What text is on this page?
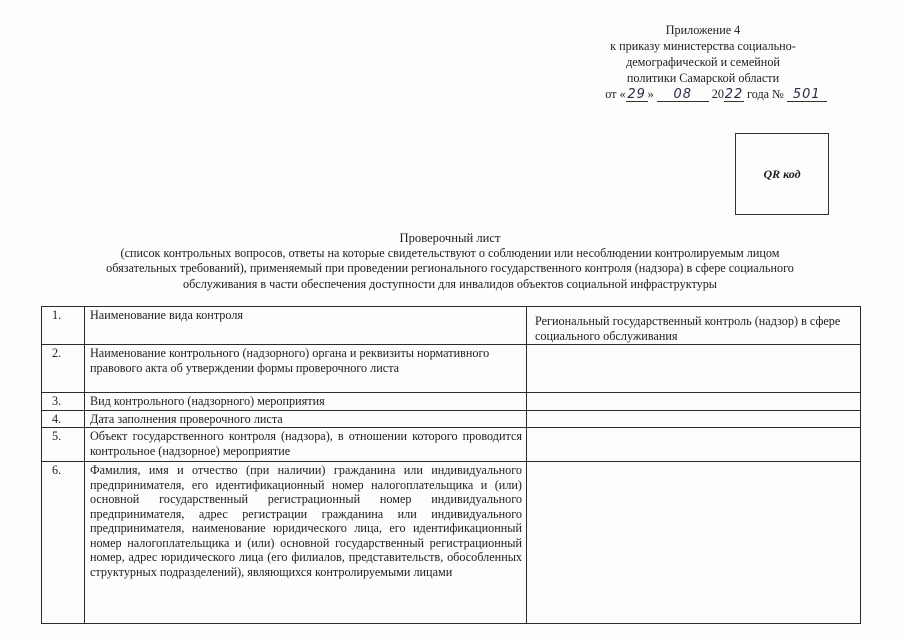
Приложение 4
к приказу министерства социально-
демографической и семейной
политики Самарской области
от « 29 » 08 2022 года № 501
QR код
Проверочный лист
(список контрольных вопросов, ответы на которые свидетельствуют о соблюдении или несоблюдении контролируемым лицом
обязательных требований), применяемый при проведении регионального государственного контроля (надзора) в сфере социального
обслуживания в части обеспечения доступности для инвалидов объектов социальной инфраструктуры
1.	Наименование вида контроля	Региональный государственный контроль (надзор) в сфере социального обслуживания
2.	Наименование контрольного (надзорного) органа и реквизиты нормативного правового акта об утверждении формы проверочного листа	
3.	Вид контрольного (надзорного) мероприятия	
4.	Дата заполнения проверочного листа	
5.	Объект государственного контроля (надзора), в отношении которого проводится контрольное (надзорное) мероприятие	
6.	Фамилия, имя и отчество (при наличии) гражданина или индивидуального предпринимателя, его идентификационный номер налогоплательщика и (или) основной государственный регистрационный номер индивидуального предпринимателя, адрес регистрации гражданина или индивидуального предпринимателя, наименование юридического лица, его идентификационный номер налогоплательщика и (или) основной государственный регистрационный номер, адрес юридического лица (его филиалов, представительств, обособленных структурных подразделений), являющихся контролируемыми лицами	
